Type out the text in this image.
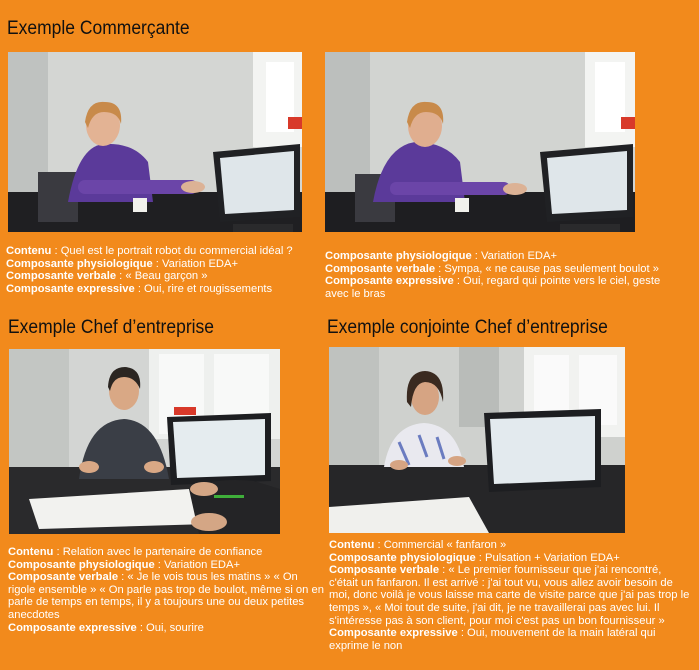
Exemple Commerçante
Contenu : Quel est le portrait robot du commercial idéal ?
Composante physiologique : Variation EDA+
Composante verbale : « Beau garçon »
Composante expressive : Oui, rire et rougissements
Composante physiologique : Variation EDA+
Composante verbale : Sympa, « ne cause pas seulement boulot »
Composante expressive : Oui, regard qui pointe vers le ciel, geste avec le bras
Exemple Chef d’entreprise
Contenu : Relation avec le partenaire de confiance
Composante physiologique : Variation EDA+
Composante verbale : « Je le vois tous les matins » « On rigole ensemble » « On parle pas trop de boulot, même si on en parle de temps en temps, il y a toujours une ou deux petites anecdotes
Composante expressive : Oui, sourire
Exemple conjointe Chef d’entreprise
Contenu : Commercial « fanfaron »
Composante physiologique : Pulsation + Variation EDA+
Composante verbale : « Le premier fournisseur que j'ai rencontré, c'était un fanfaron. Il est arrivé : j'ai tout vu, vous allez avoir besoin de moi, donc voilà je vous laisse ma carte de visite parce que j'ai pas trop le temps », « Moi tout de suite, j'ai dit, je ne travaillerai pas avec lui. Il s'intéresse pas à son client, pour moi c'est pas un bon fournisseur »
Composante expressive : Oui, mouvement de la main latéral qui exprime le non
